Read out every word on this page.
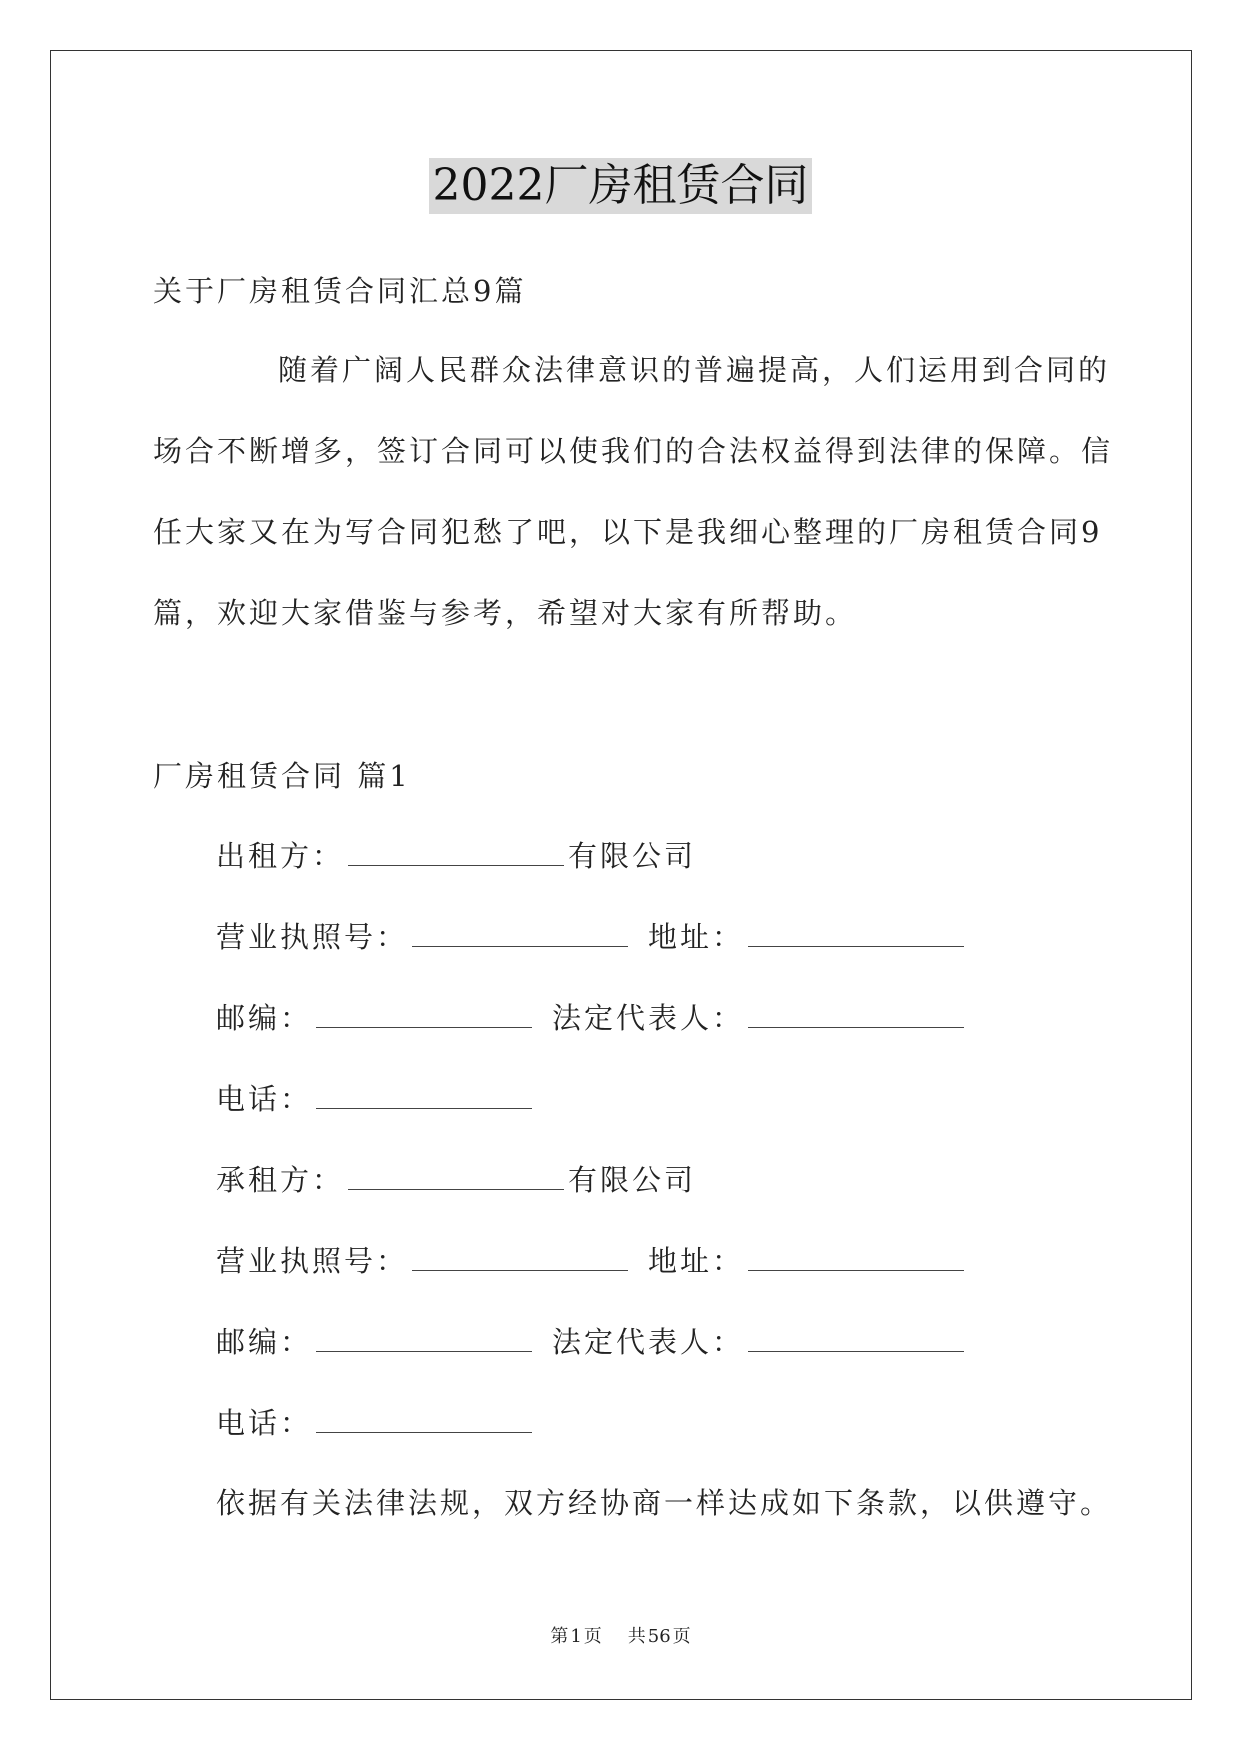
2022厂房租赁合同
关于厂房租赁合同汇总9篇
随着广阔人民群众法律意识的普遍提高，人们运用到合同的
场合不断增多，签订合同可以使我们的合法权益得到法律的保障。信
任大家又在为写合同犯愁了吧，以下是我细心整理的厂房租赁合同9
篇，欢迎大家借鉴与参考，希望对大家有所帮助。
厂房租赁合同 篇1
出租方：	有限公司
营业执照号：	地址：
邮编：	法定代表人：
电话：
承租方：	有限公司
营业执照号：	地址：
邮编：	法定代表人：
电话：
依据有关法律法规，双方经协商一样达成如下条款，以供遵守。
第 1 页 共 56 页
